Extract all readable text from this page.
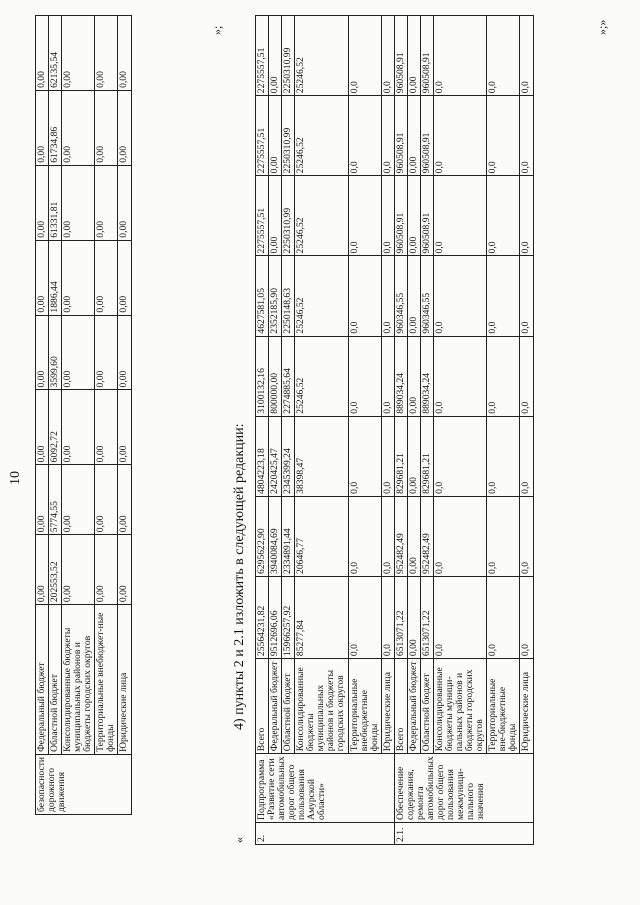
10
безопасности дорожного движения	Федеральный бюджет	0,00	0,00	0,00	0,00	0,00	0,00	0,00	0,00
	Областной бюджет	202553,52	5774,55	6092,72	3599,60	1886,44	61331,81	61734,86	62135,54
	Консолидированные бюджеты муниципальных районов и бюджеты городских округов	0,00	0,00	0,00	0,00	0,00	0,00	0,00	0,00
	Территориальные внебюджет-ные фонды	0,00	0,00	0,00	0,00	0,00	0,00	0,00	0,00
	Юридические лица	0,00	0,00	0,00	0,00	0,00	0,00	0,00	0,00
4) пункты 2 и 2.1 изложить в следующей редакции:
«
»;
2.	Подпрограмма «Развитие сети автомобильных дорог общего пользования Амурской области»	Всего	25564231,82	6295622,90	4804223,18	3100132,16	4627581,05	2275557,51	2275557,51	2275557,51
		Федеральный бюджет	9512696,06	3940084,69	2420425,47	800000,00	2352185,90	0,00	0,00	0,00
		Областной бюджет	15966257,92	2334891,44	2345399,24	2274885,64	2250148,63	2250310,99	2250310,99	2250310,99
		Консолидированные бюджеты муниципальных районов и бюджеты городских округов	85277,84	20646,77	38398,47	25246,52	25246,52	25246,52	25246,52	25246,52
		Территориальные внебюджетные фонды	0,0	0,0	0,0	0,0	0,0	0,0	0,0	0,0
		Юридические лица	0,0	0,0	0,0	0,0	0,0	0,0	0,0	0,0
2.1.	Обеспечение содержания, ремонта автомобильных дорог общего пользования межмуници-пального значения	Всего	6513071,22	952482,49	829681,21	889034,24	960346,55	960508,91	960508,91	960508,91
		Федеральный бюджет	0,00	0,00	0,00	0,00	0,00	0,00	0,00	0,00
		Областной бюджет	6513071,22	952482,49	829681,21	889034,24	960346,55	960508,91	960508,91	960508,91
		Консолидированные бюджеты муници-пальных районов и бюджеты городских округов	0,0	0,0	0,0	0,0	0,0	0,0	0,0	0,0
		Территориальные вне-бюджетные фонды	0,0	0,0	0,0	0,0	0,0	0,0	0,0	0,0
		Юридические лица	0,0	0,0	0,0	0,0	0,0	0,0	0,0	0,0
»;»
